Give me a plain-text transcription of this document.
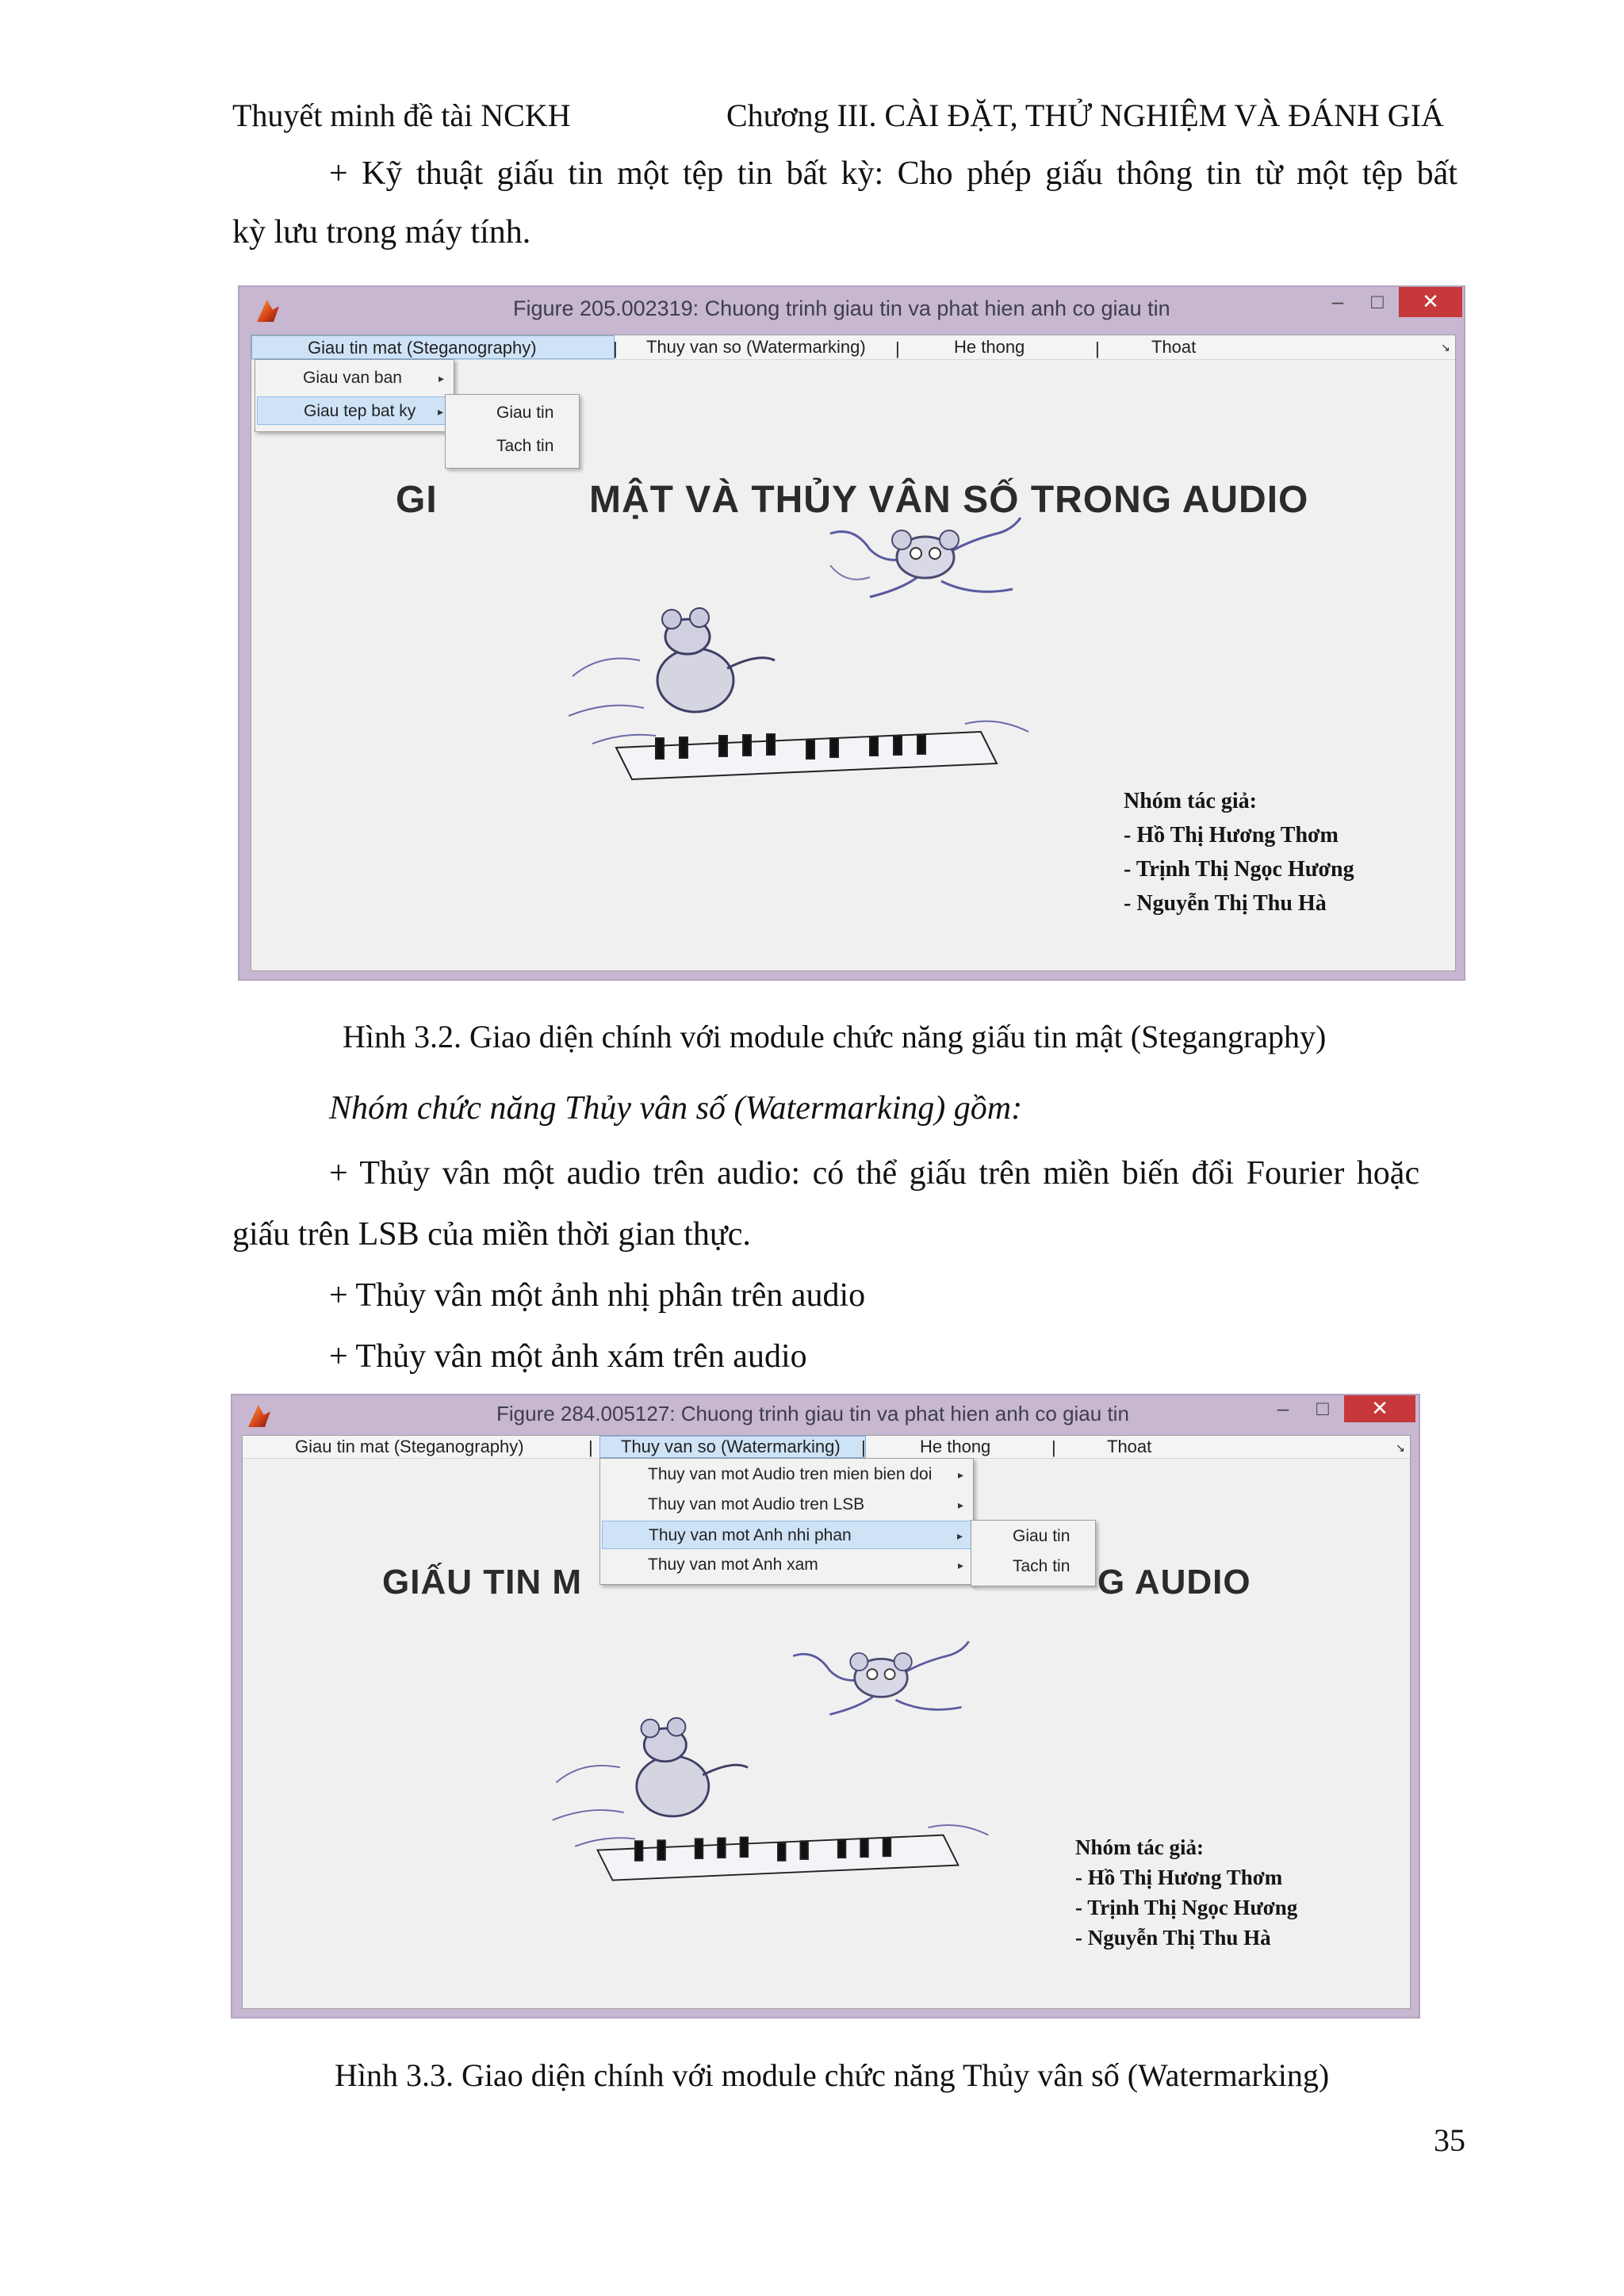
Thuyết minh đề tài NCKH	Chương III. CÀI ĐẶT, THỬ NGHIỆM VÀ ĐÁNH GIÁ
+ Kỹ thuật giấu tin một tệp tin bất kỳ: Cho phép giấu thông tin từ một tệp bất
kỳ lưu trong máy tính.
Figure 205.002319: Chuong trinh giau tin va phat hien anh co giau tin	–	□	✕
Giau tin mat (Steganography)	| Thuy van so (Watermarking) |	He thong	|	Thoat	↘
GI	MẬT VÀ THỦY VÂN SỐ TRONG AUDIO
Giau van ban	▸
Giau tep bat ky ▸	Giau tin
Tach tin
Nhóm tác giả:
- Hồ Thị Hương Thơm
- Trịnh Thị Ngọc Hương
- Nguyễn Thị Thu Hà
Hình 3.2. Giao diện chính với module chức năng giấu tin mật (Stegangraphy)
Nhóm chức năng Thủy vân số (Watermarking) gồm:
+ Thủy vân một audio trên audio: có thể giấu trên miền biến đổi Fourier hoặc
giấu trên LSB của miền thời gian thực.
+ Thủy vân một ảnh nhị phân trên audio
+ Thủy vân một ảnh xám trên audio
Figure 284.005127: Chuong trinh giau tin va phat hien anh co giau tin	–	□	✕
Giau tin mat (Steganography)	|	Thuy van so (Watermarking)	|	He thong	|	Thoat	↘
GIẤU TIN M	G AUDIO
Thuy van mot Audio tren mien bien doi ▸
Thuy van mot Audio tren LSB	▸
Thuy van mot Anh nhi phan	▸
Thuy van mot Anh xam	▸
Giau tin
Tach tin
Nhóm tác giả:
- Hồ Thị Hương Thơm
- Trịnh Thị Ngọc Hương
- Nguyễn Thị Thu Hà
Hình 3.3. Giao diện chính với module chức năng Thủy vân số (Watermarking)
35
